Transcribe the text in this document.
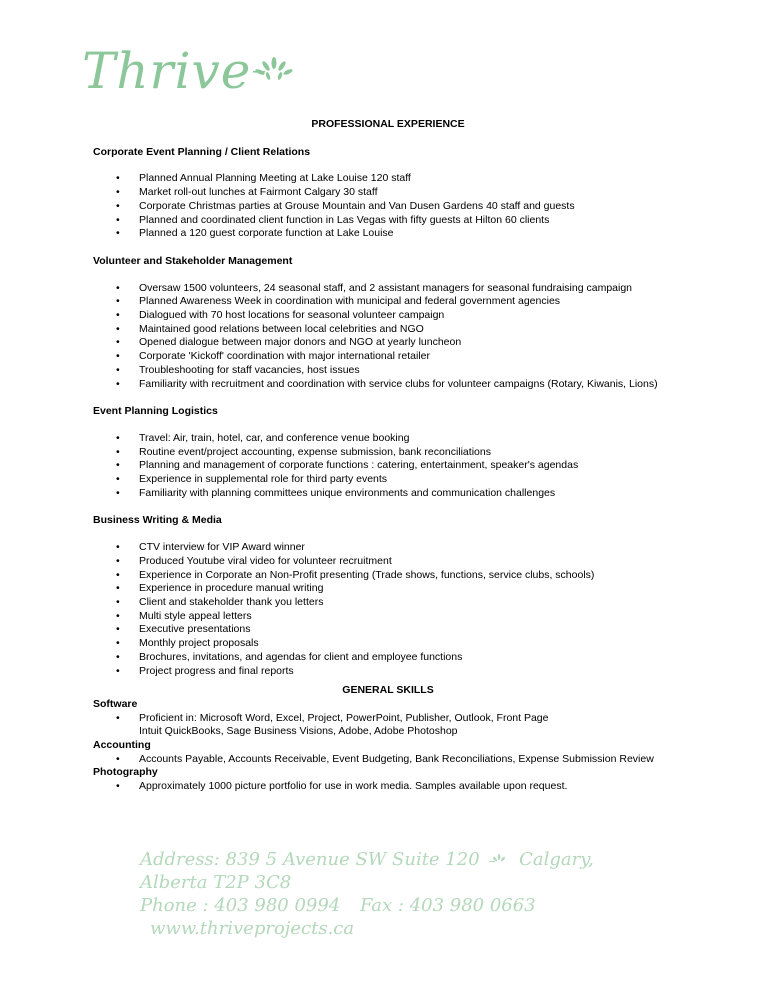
Thrive

PROFESSIONAL EXPERIENCE

Corporate Event Planning / Client Relations

• Planned Annual Planning Meeting at Lake Louise 120 staff
• Market roll-out lunches at Fairmont Calgary 30 staff
• Corporate Christmas parties at Grouse Mountain and Van Dusen Gardens 40 staff and guests
• Planned and coordinated client function in Las Vegas with fifty guests at Hilton 60 clients
• Planned a 120 guest corporate function at Lake Louise

Volunteer and Stakeholder Management

• Oversaw 1500 volunteers, 24 seasonal staff, and 2 assistant managers for seasonal fundraising campaign
• Planned Awareness Week in coordination with municipal and federal government agencies
• Dialogued with 70 host locations for seasonal volunteer campaign
• Maintained good relations between local celebrities and NGO
• Opened dialogue between major donors and NGO at yearly luncheon
• Corporate 'Kickoff' coordination with major international retailer
• Troubleshooting for staff vacancies, host issues
• Familiarity with recruitment and coordination with service clubs for volunteer campaigns (Rotary, Kiwanis, Lions)

Event Planning Logistics

• Travel: Air, train, hotel, car, and conference venue booking
• Routine event/project accounting, expense submission, bank reconciliations
• Planning and management of corporate functions : catering, entertainment, speaker's agendas
• Experience in supplemental role for third party events
• Familiarity with planning committees unique environments and communication challenges

Business Writing & Media

• CTV interview for VIP Award winner
• Produced Youtube viral video for volunteer recruitment
• Experience in Corporate an Non-Profit presenting (Trade shows, functions, service clubs, schools)
• Experience in procedure manual writing
• Client and stakeholder thank you letters
• Multi style appeal letters
• Executive presentations
• Monthly project proposals
• Brochures, invitations, and agendas for client and employee functions
• Project progress and final reports

GENERAL SKILLS

Software

• Proficient in: Microsoft Word, Excel, Project, PowerPoint, Publisher, Outlook, Front Page
Intuit QuickBooks, Sage Business Visions, Adobe, Adobe Photoshop

Accounting

• Accounts Payable, Accounts Receivable, Event Budgeting, Bank Reconciliations, Expense Submission Review

Photography

• Approximately 1000 picture portfolio for use in work media. Samples available upon request.
Address: 839 5 Avenue SW Suite 120 Calgary, Alberta T2P 3C8
Phone : 403 980 0994 Fax : 403 980 0663 www.thriveprojects.ca
